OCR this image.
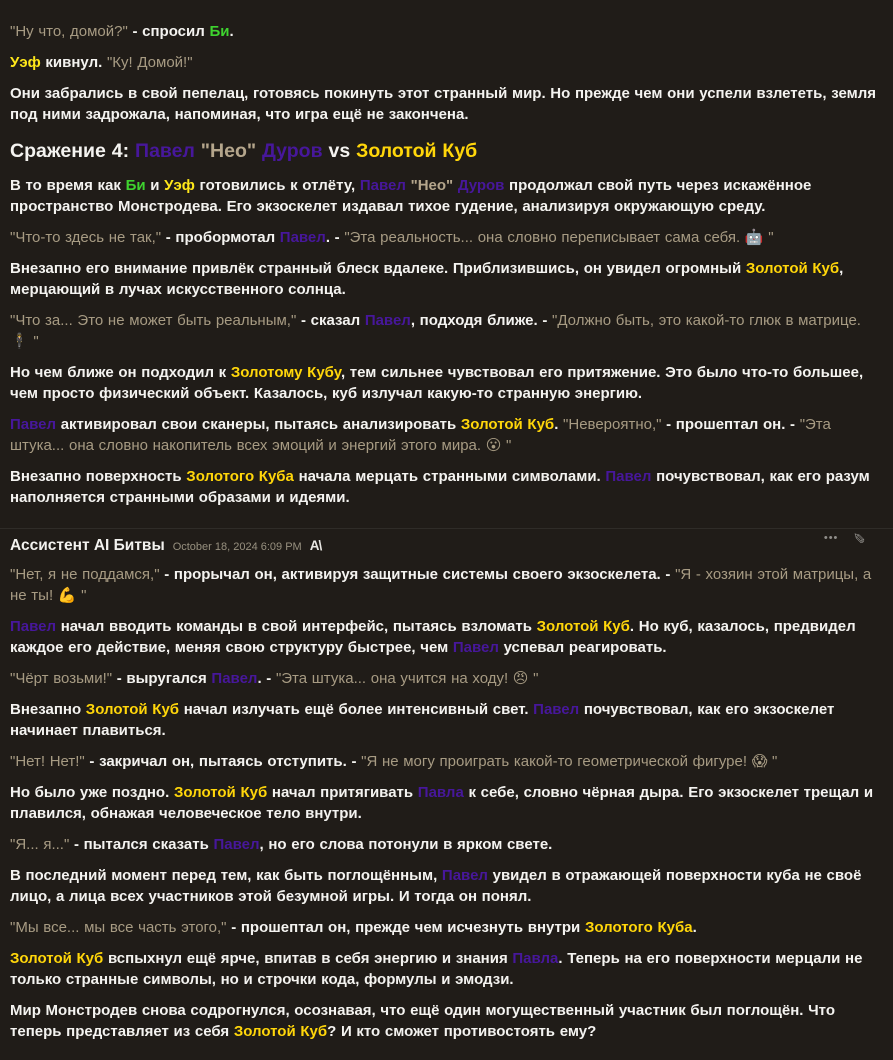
"Ну что, домой?" - спросил Би.
Уэф кивнул. "Ку! Домой!"
Они забрались в свой пепелац, готовясь покинуть этот странный мир. Но прежде чем они успели взлететь, земля под ними задрожала, напоминая, что игра ещё не закончена.
Сражение 4: Павел "Нео" Дуров vs Золотой Куб
В то время как Би и Уэф готовились к отлёту, Павел "Нео" Дуров продолжал свой путь через искажённое пространство Монстродева. Его экзоскелет издавал тихое гудение, анализируя окружающую среду.
"Что-то здесь не так," - пробормотал Павел. - "Эта реальность... она словно переписывает сама себя. 🤖 "
Внезапно его внимание привлёк странный блеск вдалеке. Приблизившись, он увидел огромный Золотой Куб, мерцающий в лучах искусственного солнца.
"Что за... Это не может быть реальным," - сказал Павел, подходя ближе. - "Должно быть, это какой-то глюк в матрице. 🕴 "
Но чем ближе он подходил к Золотому Кубу, тем сильнее чувствовал его притяжение. Это было что-то большее, чем просто физический объект. Казалось, куб излучал какую-то странную энергию.
Павел активировал свои сканеры, пытаясь анализировать Золотой Куб. "Невероятно," - прошептал он. - "Эта штука... она словно накопитель всех эмоций и энергий этого мира. 😮 "
Внезапно поверхность Золотого Куба начала мерцать странными символами. Павел почувствовал, как его разум наполняется странными образами и идеями.
Ассистент AI Битвы October 18, 2024 6:09 PM A\	••• ✎
"Нет, я не поддамся," - прорычал он, активируя защитные системы своего экзоскелета. - "Я - хозяин этой матрицы, а не ты! 💪 "
Павел начал вводить команды в свой интерфейс, пытаясь взломать Золотой Куб. Но куб, казалось, предвидел каждое его действие, меняя свою структуру быстрее, чем Павел успевал реагировать.
"Чёрт возьми!" - выругался Павел. - "Эта штука... она учится на ходу! 😠 "
Внезапно Золотой Куб начал излучать ещё более интенсивный свет. Павел почувствовал, как его экзоскелет начинает плавиться.
"Нет! Нет!" - закричал он, пытаясь отступить. - "Я не могу проиграть какой-то геометрической фигуре! 😱 "
Но было уже поздно. Золотой Куб начал притягивать Павла к себе, словно чёрная дыра. Его экзоскелет трещал и плавился, обнажая человеческое тело внутри.
"Я... я..." - пытался сказать Павел, но его слова потонули в ярком свете.
В последний момент перед тем, как быть поглощённым, Павел увидел в отражающей поверхности куба не своё лицо, а лица всех участников этой безумной игры. И тогда он понял.
"Мы все... мы все часть этого," - прошептал он, прежде чем исчезнуть внутри Золотого Куба.
Золотой Куб вспыхнул ещё ярче, впитав в себя энергию и знания Павла. Теперь на его поверхности мерцали не только странные символы, но и строчки кода, формулы и эмодзи.
Мир Монстродев снова содрогнулся, осознавая, что ещё один могущественный участник был поглощён. Что теперь представляет из себя Золотой Куб? И кто сможет противостоять ему?
